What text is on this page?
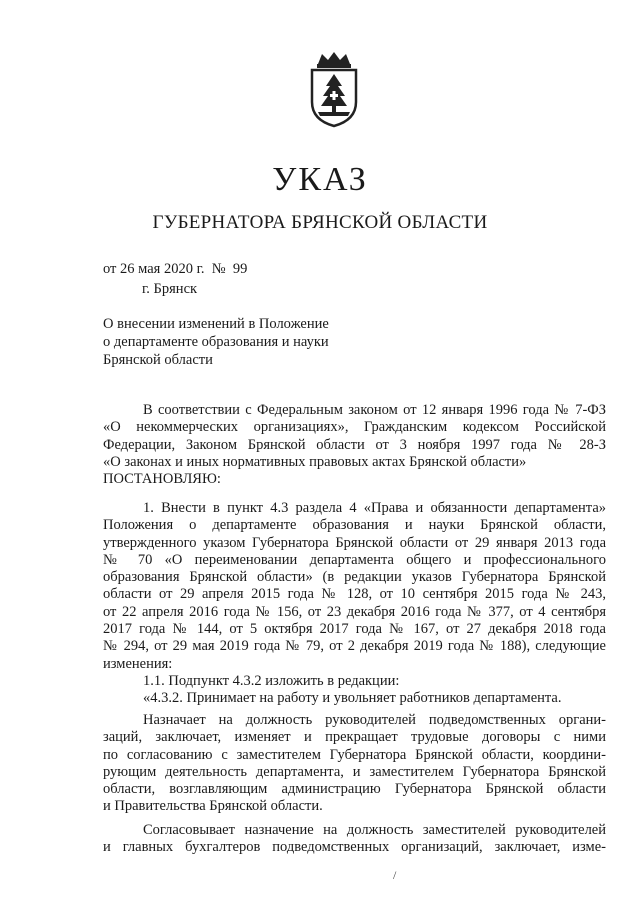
УКАЗ
ГУБЕРНАТОРА БРЯНСКОЙ ОБЛАСТИ
от 26 мая 2020 г.  №  99
г. Брянск
О внесении изменений в Положение
о департаменте образования и науки
Брянской области
В соответствии с Федеральным законом от 12 января 1996 года № 7-ФЗ
«О некоммерческих организациях», Гражданским кодексом Российской
Федерации, Законом Брянской области от 3 ноября 1997 года № 28-З
«О законах и иных нормативных правовых актах Брянской области»
ПОСТАНОВЛЯЮ:
1. Внести в пункт 4.3 раздела 4 «Права и обязанности департамента»
Положения о департаменте образования и науки Брянской области,
утвержденного указом Губернатора Брянской области от 29 января 2013 года
№ 70 «О переименовании департамента общего и профессионального
образования Брянской области» (в редакции указов Губернатора Брянской
области от 29 апреля 2015 года № 128, от 10 сентября 2015 года № 243,
от 22 апреля 2016 года № 156, от 23 декабря 2016 года № 377, от 4 сентября
2017 года № 144, от 5 октября 2017 года № 167, от 27 декабря 2018 года
№ 294, от 29 мая 2019 года № 79, от 2 декабря 2019 года № 188), следующие
изменения:
1.1. Подпункт 4.3.2 изложить в редакции:
«4.3.2. Принимает на работу и увольняет работников департамента.
Назначает на должность руководителей подведомственных органи-
заций, заключает, изменяет и прекращает трудовые договоры с ними
по согласованию с заместителем Губернатора Брянской области, координи-
рующим деятельность департамента, и заместителем Губернатора Брянской
области, возглавляющим администрацию Губернатора Брянской области
и Правительства Брянской области.
Согласовывает назначение на должность заместителей руководителей
и главных бухгалтеров подведомственных организаций, заключает, изме-
/
